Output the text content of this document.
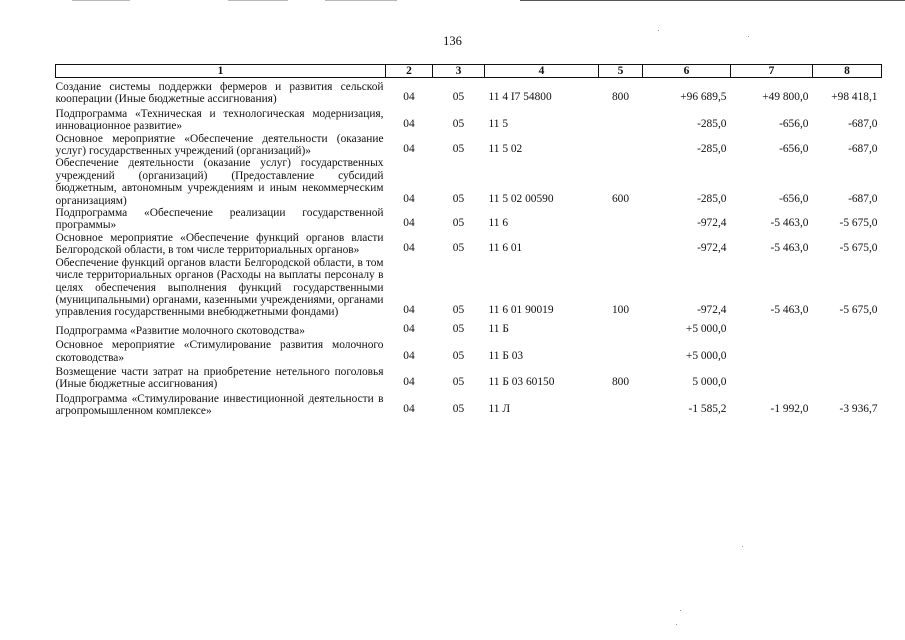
136
1	2	3	4	5	6	7	8
Создание системы поддержки фермеров и развития сельской кооперации (Иные бюджетные ассигнования)	04	05	11 4 I7 54800	800	+96 689,5	+49 800,0	+98 418,1
Подпрограмма «Техническая и технологическая модернизация, инновационное развитие»	04	05	11 5		-285,0	-656,0	-687,0
Основное мероприятие «Обеспечение деятельности (оказание услуг) государственных учреждений (организаций)»	04	05	11 5 02		-285,0	-656,0	-687,0
Обеспечение деятельности (оказание услуг) государственных учреждений (организаций) (Предоставление субсидий бюджетным, автономным учреждениям и иным некоммерческим организациям)	04	05	11 5 02 00590	600	-285,0	-656,0	-687,0
Подпрограмма «Обеспечение реализации государственной программы»	04	05	11 6		-972,4	-5 463,0	-5 675,0
Основное мероприятие «Обеспечение функций органов власти Белгородской области, в том числе территориальных органов»	04	05	11 6 01		-972,4	-5 463,0	-5 675,0
Обеспечение функций органов власти Белгородской области, в том числе территориальных органов (Расходы на выплаты персоналу в целях обеспечения выполнения функций государственными (муниципальными) органами, казенными учреждениями, органами управления государственными внебюджетными фондами)	04	05	11 6 01 90019	100	-972,4	-5 463,0	-5 675,0
Подпрограмма «Развитие молочного скотоводства»	04	05	11 Б		+5 000,0		
Основное мероприятие «Стимулирование развития молочного скотоводства»	04	05	11 Б 03		+5 000,0		
Возмещение части затрат на приобретение нетельного поголовья (Иные бюджетные ассигнования)	04	05	11 Б 03 60150	800	5 000,0		
Подпрограмма «Стимулирование инвестиционной деятельности в агропромышленном комплексе»	04	05	11 Л		-1 585,2	-1 992,0	-3 936,7
